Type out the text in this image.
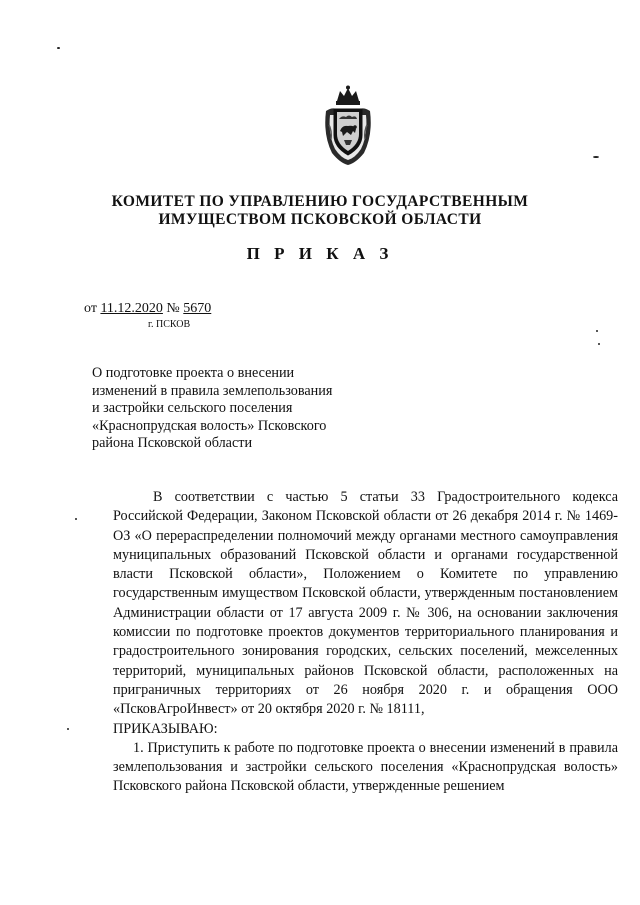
КОМИТЕТ ПО УПРАВЛЕНИЮ ГОСУДАРСТВЕННЫМ
ИМУЩЕСТВОМ ПСКОВСКОЙ ОБЛАСТИ
П Р И К А З
от 11.12.2020 № 5670
г. ПСКОВ
О подготовке проекта о внесении
изменений в правила землепользования
и застройки сельского поселения
«Краснопрудская волость» Псковского
района Псковской области

В соответствии с частью 5 статьи 33 Градостроительного кодекса Российской Федерации, Законом Псковской области от 26 декабря 2014 г. № 1469-ОЗ «О перераспределении полномочий между органами местного самоуправления муниципальных образований Псковской области и органами государственной власти Псковской области», Положением о Комитете по управлению государственным имуществом Псковской области, утвержденным постановлением Администрации области от 17 августа 2009 г. № 306, на основании заключения комиссии по подготовке проектов документов территориального планирования и градостроительного зонирования городских, сельских поселений, межселенных территорий, муниципальных районов Псковской области, расположенных на приграничных территориях от 26 ноября 2020 г. и обращения ООО «ПсковАгроИнвест» от 20 октября 2020 г. № 18111,

ПРИКАЗЫВАЮ:

1. Приступить к работе по подготовке проекта о внесении изменений в правила землепользования и застройки сельского поселения «Краснопрудская волость» Псковского района Псковской области, утвержденные решением
